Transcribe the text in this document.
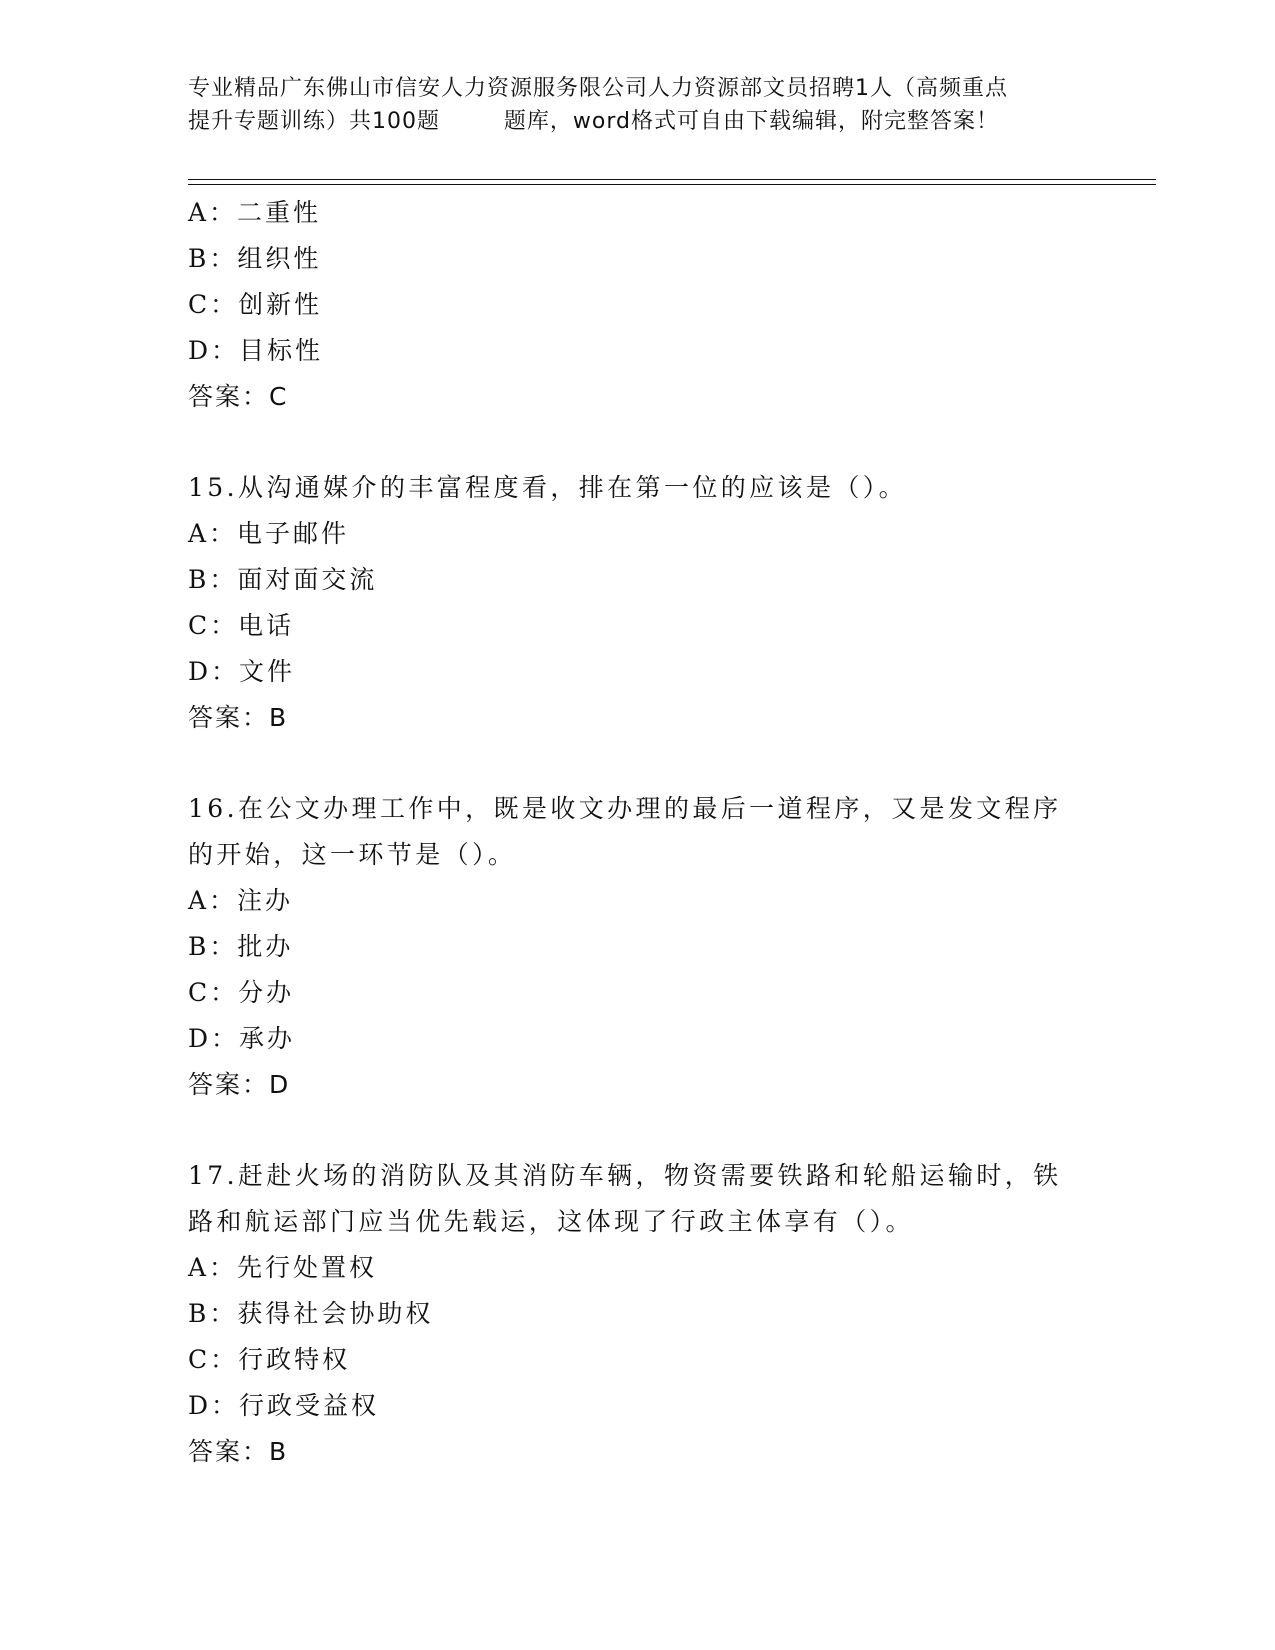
专业精品广东佛山市信安人力资源服务限公司人力资源部文员招聘1人（高频重点
提升专题训练）共100题        题库，word格式可自由下载编辑，附完整答案！
A：二重性
B：组织性
C：创新性
D：目标性
答案：C
15.从沟通媒介的丰富程度看，排在第一位的应该是（）。
A：电子邮件
B：面对面交流
C：电话
D：文件
答案：B
16.在公文办理工作中，既是收文办理的最后一道程序，又是发文程序
的开始，这一环节是（）。
A：注办
B：批办
C：分办
D：承办
答案：D
17.赶赴火场的消防队及其消防车辆，物资需要铁路和轮船运输时，铁
路和航运部门应当优先载运，这体现了行政主体享有（）。
A：先行处置权
B：获得社会协助权
C：行政特权
D：行政受益权
答案：B
